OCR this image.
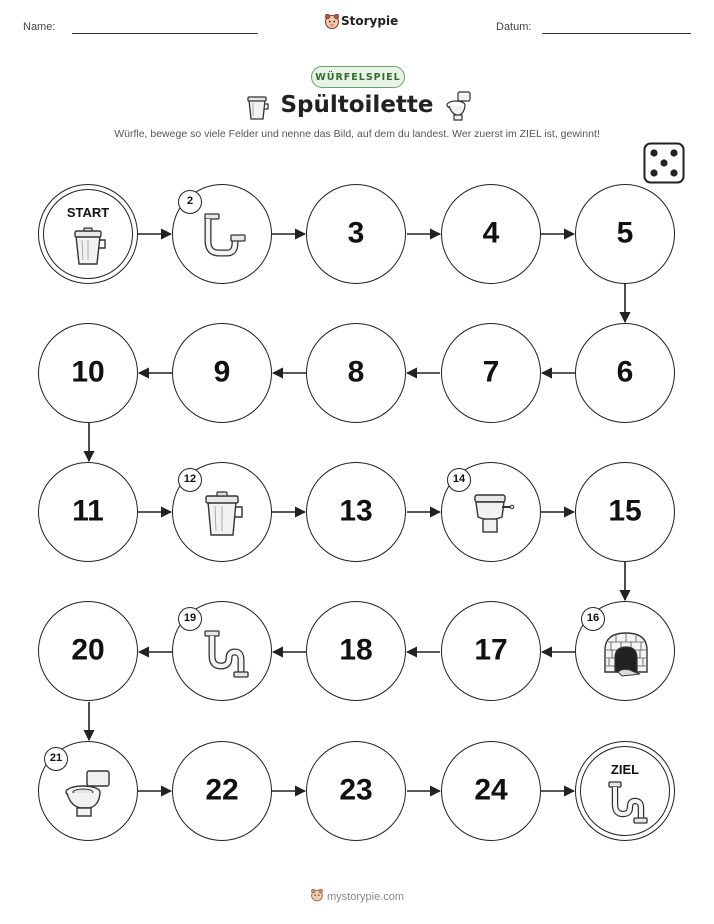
Name:	Storypie	Datum:
WÜRFELSPIEL
Spültoilette
Würfle, bewege so viele Felder und nenne das Bild, auf dem du landest. Wer zuerst im ZIEL ist, gewinnt!
START
2
3	4	5
6
7
8
9
10
11
12
13
14
15
16
17
18
19
20
21
22	23	24
ZIEL
mystorypie.com
